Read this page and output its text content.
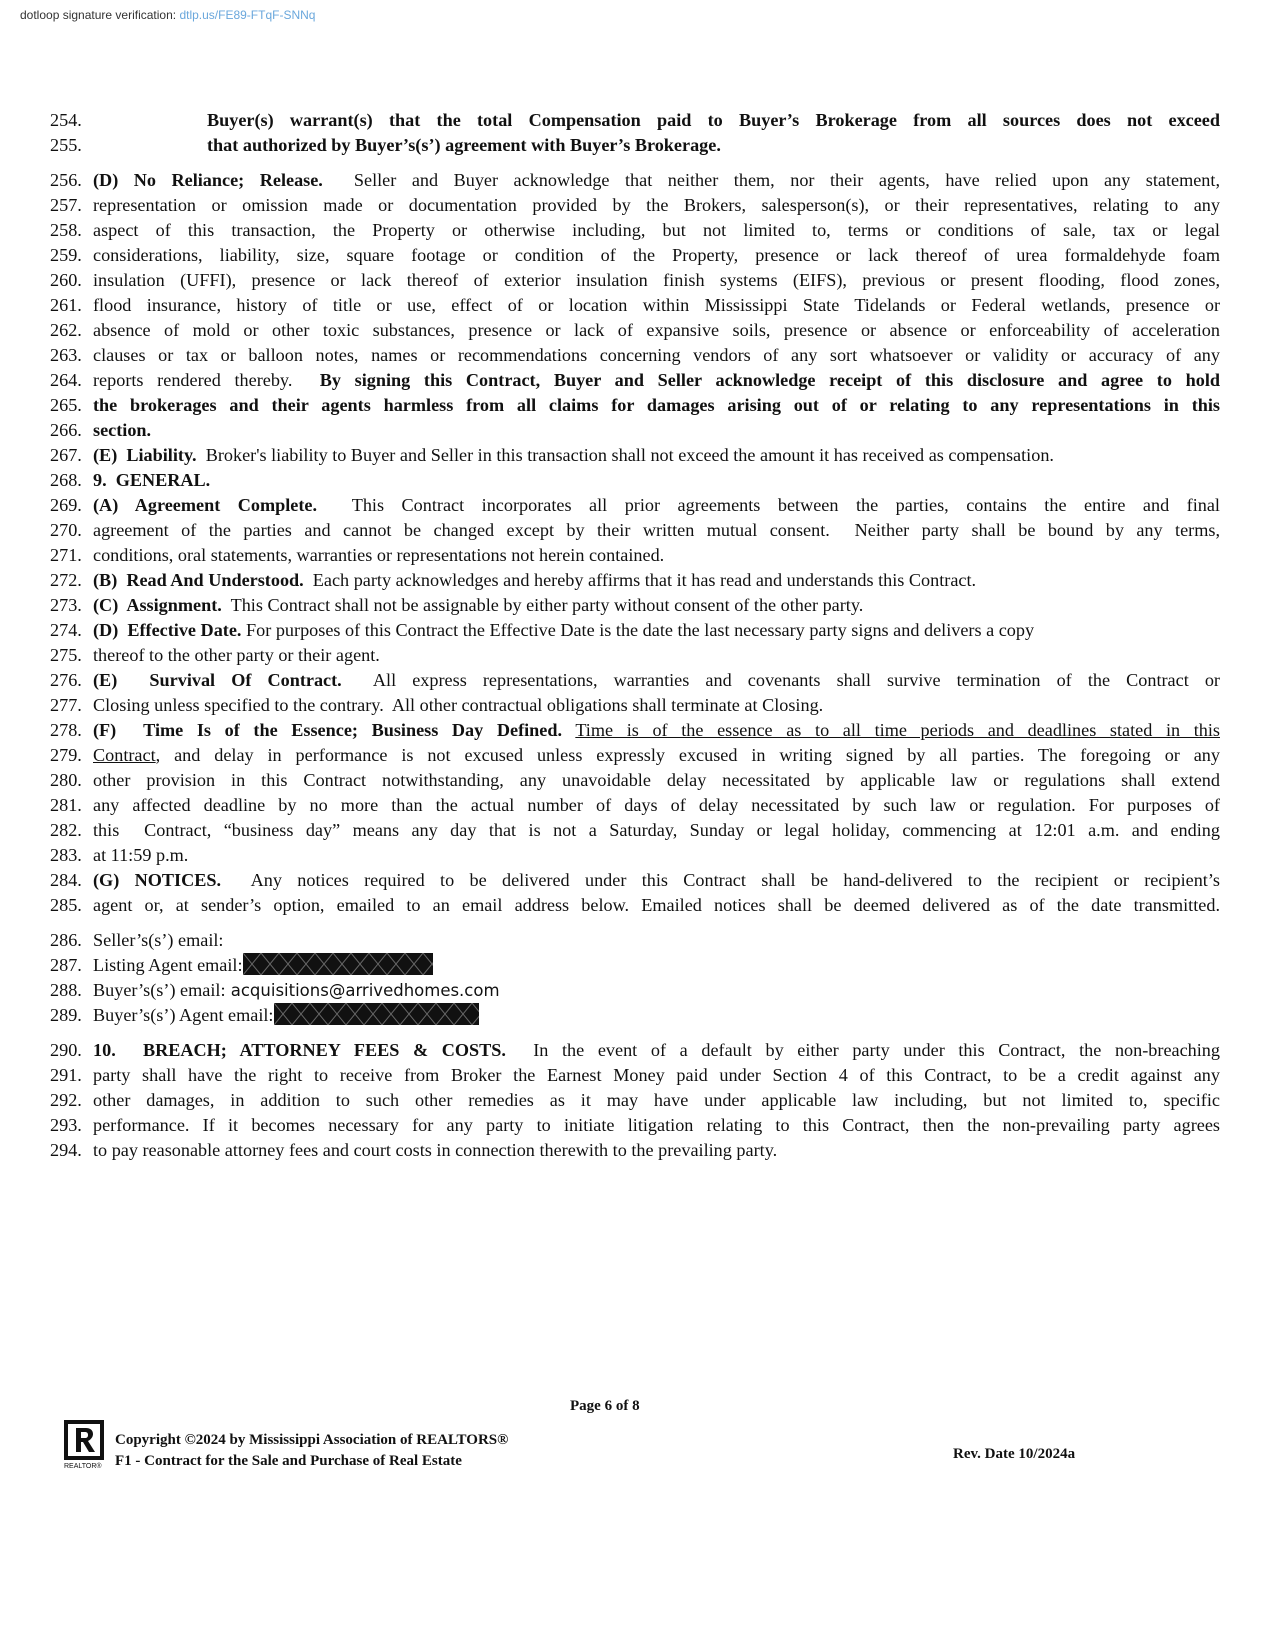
dotloop signature verification: dtlp.us/FE89-FTqF-SNNq
254.	Buyer(s) warrant(s) that the total Compensation paid to Buyer’s Brokerage from all sources does not exceed
255.	that authorized by Buyer’s(s’) agreement with Buyer’s Brokerage.
256. (D) No Reliance; Release.  Seller and Buyer acknowledge that neither them, nor their agents, have relied upon any statement,
257. representation or omission made or documentation provided by the Brokers, salesperson(s), or their representatives, relating to any
258. aspect of this transaction, the Property or otherwise including, but not limited to, terms or conditions of sale, tax or legal
259. considerations, liability, size, square footage or condition of the Property, presence or lack thereof of urea formaldehyde foam
260. insulation (UFFI), presence or lack thereof of exterior insulation finish systems (EIFS), previous or present flooding, flood zones,
261. flood insurance, history of title or use, effect of or location within Mississippi State Tidelands or Federal wetlands, presence or
262. absence of mold or other toxic substances, presence or lack of expansive soils, presence or absence or enforceability of acceleration
263. clauses or tax or balloon notes, names or recommendations concerning vendors of any sort whatsoever or validity or accuracy of any
264. reports rendered thereby.  By signing this Contract, Buyer and Seller acknowledge receipt of this disclosure and agree to hold
265. the brokerages and their agents harmless from all claims for damages arising out of or relating to any representations in this
266. section.
267. (E)  Liability.  Broker's liability to Buyer and Seller in this transaction shall not exceed the amount it has received as compensation.
268. 9.  GENERAL.
269. (A) Agreement Complete.  This Contract incorporates all prior agreements between the parties, contains the entire and final
270. agreement of the parties and cannot be changed except by their written mutual consent.  Neither party shall be bound by any terms,
271. conditions, oral statements, warranties or representations not herein contained.
272. (B)  Read And Understood.  Each party acknowledges and hereby affirms that it has read and understands this Contract.
273. (C)  Assignment.  This Contract shall not be assignable by either party without consent of the other party.
274. (D)  Effective Date. For purposes of this Contract the Effective Date is the date the last necessary party signs and delivers a copy
275. thereof to the other party or their agent.
276. (E)  Survival Of Contract.  All express representations, warranties and covenants shall survive termination of the Contract or
277. Closing unless specified to the contrary.  All other contractual obligations shall terminate at Closing.
278. (F)  Time Is of the Essence; Business Day Defined. Time is of the essence as to all time periods and deadlines stated in this
279. Contract, and delay in performance is not excused unless expressly excused in writing signed by all parties. The foregoing or any
280. other provision in this Contract notwithstanding, any unavoidable delay necessitated by applicable law or regulations shall extend
281. any affected deadline by no more than the actual number of days of delay necessitated by such law or regulation. For purposes of
282. this  Contract, “business day” means any day that is not a Saturday, Sunday or legal holiday, commencing at 12:01 a.m. and ending
283. at 11:59 p.m.
284. (G) NOTICES.  Any notices required to be delivered under this Contract shall be hand-delivered to the recipient or recipient’s
285. agent or, at sender’s option, emailed to an email address below. Emailed notices shall be deemed delivered as of the date transmitted.
286. Seller’s(s’) email:
287. Listing Agent email:
288. Buyer’s(s’) email: acquisitions@arrivedhomes.com
289. Buyer’s(s’) Agent email:
290. 10.  BREACH; ATTORNEY FEES & COSTS.  In the event of a default by either party under this Contract, the non-breaching
291. party shall have the right to receive from Broker the Earnest Money paid under Section 4 of this Contract, to be a credit against any
292. other damages, in addition to such other remedies as it may have under applicable law including, but not limited to, specific
293. performance. If it becomes necessary for any party to initiate litigation relating to this Contract, then the non-prevailing party agrees
294. to pay reasonable attorney fees and court costs in connection therewith to the prevailing party.
Page 6 of 8
REALTOR®
Copyright ©2024 by Mississippi Association of REALTORS®
F1 - Contract for the Sale and Purchase of Real Estate	Rev. Date 10/2024a
